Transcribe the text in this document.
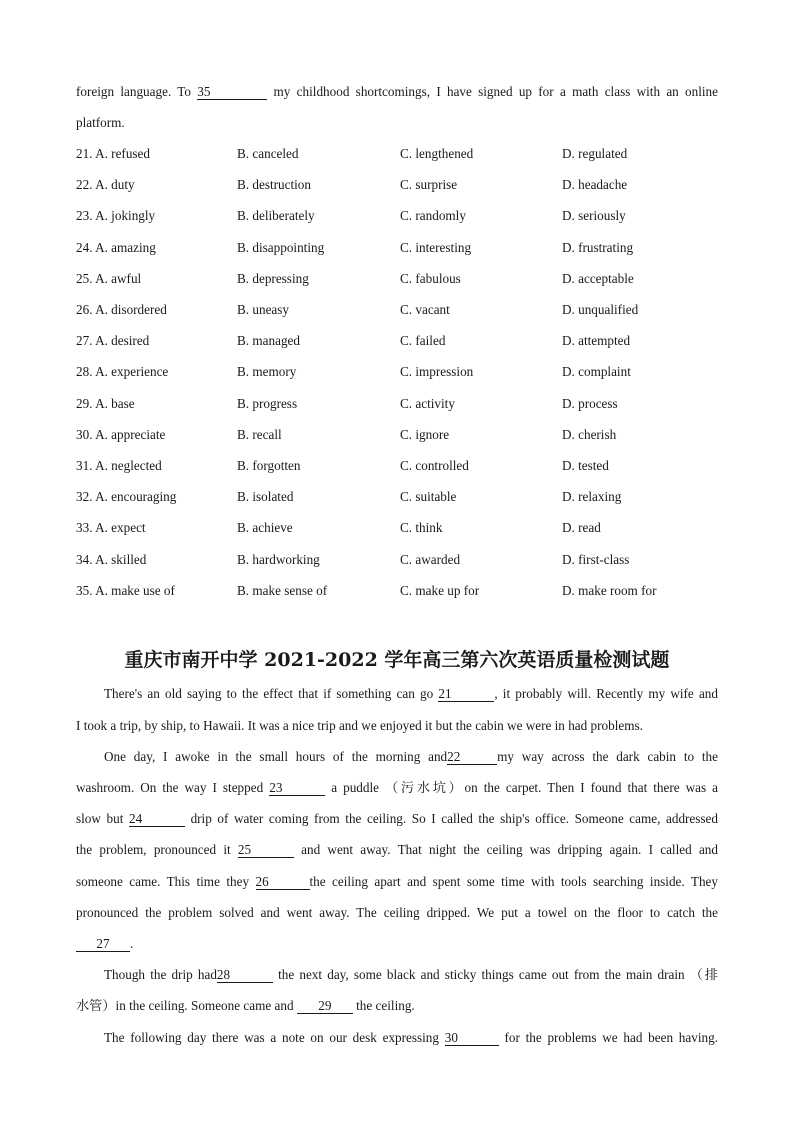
foreign language. To 35	my childhood shortcomings, I have signed up for a math class with an online
platform.
21. A. refused	B. canceled	C. lengthened	D. regulated
22. A. duty	B. destruction	C. surprise	D. headache
23. A. jokingly	B. deliberately	C. randomly	D. seriously
24. A. amazing	B. disappointing	C. interesting	D. frustrating
25. A. awful	B. depressing	C. fabulous	D. acceptable
26. A. disordered	B. uneasy	C. vacant	D. unqualified
27. A. desired	B. managed	C. failed	D. attempted
28. A. experience	B. memory	C. impression	D. complaint
29. A. base	B. progress	C. activity	D. process
30. A. appreciate	B. recall	C. ignore	D. cherish
31. A. neglected	B. forgotten	C. controlled	D. tested
32. A. encouraging	B. isolated	C. suitable	D. relaxing
33. A. expect	B. achieve	C. think	D. read
34. A. skilled	B. hardworking	C. awarded	D. first-class
35. A. make use of	B. make sense of	C. make up for	D. make room for
重庆市南开中学 2021-2022 学年高三第六次英语质量检测试题
There's an old saying to the effect that if something can go 21	, it probably will. Recently my wife and
I took a trip, by ship, to Hawaii. It was a nice trip and we enjoyed it but the cabin we were in had problems.
One day, I awoke in the small hours of the morning and22	my way across the dark cabin to the
washroom. On the way I stepped 23	a puddle （污水坑）on the carpet. Then I found that there was a
slow but 24	drip of water coming from the ceiling. So I called the ship's office. Someone came, addressed
the problem, pronounced it 25	and went away. That night the ceiling was dripping again. I called and
someone came. This time they 26	the ceiling apart and spent some time with tools searching inside. They
pronounced the problem solved and went away. The ceiling dripped. We put a towel on the floor to catch the
27 .
Though the drip had28	the next day, some black and sticky things came out from the main drain （排
水管）in the ceiling. Someone came and 29 the ceiling.
The following day there was a note on our desk expressing 30	for the problems we had been having.
